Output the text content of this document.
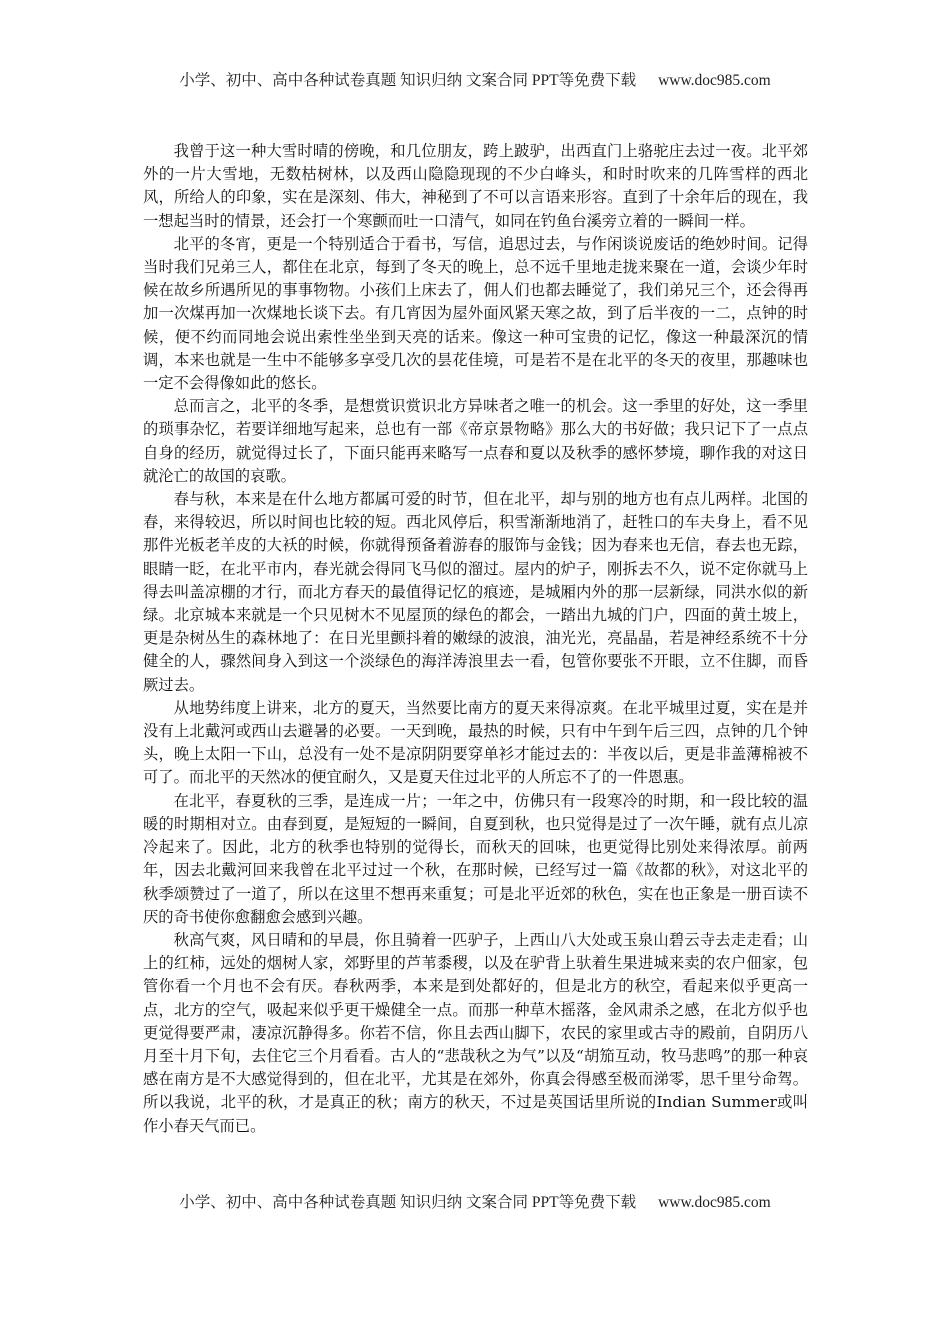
小学、初中、高中各种试卷真题 知识归纳 文案合同 PPT等免费下载 www.doc985.com

我曾于这一种大雪时晴的傍晚，和几位朋友，跨上跛驴，出西直门上骆驼庄去过一夜。北平郊外的一片大雪地，无数枯树林，以及西山隐隐现现的不少白峰头，和时时吹来的几阵雪样的西北风，所给人的印象，实在是深刻、伟大，神秘到了不可以言语来形容。直到了十余年后的现在，我一想起当时的情景，还会打一个寒颤而吐一口清气，如同在钓鱼台溪旁立着的一瞬间一样。

北平的冬宵，更是一个特别适合于看书，写信，追思过去，与作闲谈说废话的绝妙时间。记得当时我们兄弟三人，都住在北京，每到了冬天的晚上，总不远千里地走拢来聚在一道，会谈少年时候在故乡所遇所见的事事物物。小孩们上床去了，佣人们也都去睡觉了，我们弟兄三个，还会得再加一次煤再加一次煤地长谈下去。有几宵因为屋外面风紧天寒之故，到了后半夜的一二，点钟的时候，便不约而同地会说出索性坐坐到天亮的话来。像这一种可宝贵的记忆，像这一种最深沉的情调，本来也就是一生中不能够多享受几次的昙花佳境，可是若不是在北平的冬天的夜里，那趣味也一定不会得像如此的悠长。

总而言之，北平的冬季，是想赏识赏识北方异味者之唯一的机会。这一季里的好处，这一季里的琐事杂忆，若要详细地写起来，总也有一部《帝京景物略》那么大的书好做；我只记下了一点点自身的经历，就觉得过长了，下面只能再来略写一点春和夏以及秋季的感怀梦境，聊作我的对这日就沦亡的故国的哀歌。

春与秋，本来是在什么地方都属可爱的时节，但在北平，却与别的地方也有点儿两样。北国的春，来得较迟，所以时间也比较的短。西北风停后，积雪渐渐地消了，赶牲口的车夫身上，看不见那件光板老羊皮的大袄的时候，你就得预备着游春的服饰与金钱；因为春来也无信，春去也无踪，眼睛一眨，在北平市内，春光就会得同飞马似的溜过。屋内的炉子，刚拆去不久，说不定你就马上得去叫盖凉棚的才行，而北方春天的最值得记忆的痕迹，是城厢内外的那一层新绿，同洪水似的新绿。北京城本来就是一个只见树木不见屋顶的绿色的都会，一踏出九城的门户，四面的黄土坡上，更是杂树丛生的森林地了：在日光里颤抖着的嫩绿的波浪，油光光，亮晶晶，若是神经系统不十分健全的人，骤然间身入到这一个淡绿色的海洋涛浪里去一看，包管你要张不开眼，立不住脚，而昏厥过去。

从地势纬度上讲来，北方的夏天，当然要比南方的夏天来得凉爽。在北平城里过夏，实在是并没有上北戴河或西山去避暑的必要。一天到晚，最热的时候，只有中午到午后三四，点钟的几个钟头，晚上太阳一下山，总没有一处不是凉阴阴要穿单衫才能过去的：半夜以后，更是非盖薄棉被不可了。而北平的天然冰的便宜耐久，又是夏天住过北平的人所忘不了的一件恩惠。

在北平，春夏秋的三季，是连成一片；一年之中，仿佛只有一段寒冷的时期，和一段比较的温暖的时期相对立。由春到夏，是短短的一瞬间，自夏到秋，也只觉得是过了一次午睡，就有点儿凉冷起来了。因此，北方的秋季也特别的觉得长，而秋天的回味，也更觉得比别处来得浓厚。前两年，因去北戴河回来我曾在北平过过一个秋，在那时候，已经写过一篇《故都的秋》，对这北平的秋季颂赞过了一道了，所以在这里不想再来重复；可是北平近郊的秋色，实在也正象是一册百读不厌的奇书使你愈翻愈会感到兴趣。

秋高气爽，风日晴和的早晨，你且骑着一匹驴子，上西山八大处或玉泉山碧云寺去走走看；山上的红柿，远处的烟树人家，郊野里的芦苇黍稷，以及在驴背上驮着生果进城来卖的农户佃家，包管你看一个月也不会有厌。春秋两季，本来是到处都好的，但是北方的秋空，看起来似乎更高一点，北方的空气，吸起来似乎更干燥健全一点。而那一种草木摇落，金风肃杀之感，在北方似乎也更觉得要严肃，凄凉沉静得多。你若不信，你且去西山脚下，农民的家里或古寺的殿前，自阴历八月至十月下旬，去住它三个月看看。古人的“悲哉秋之为气”以及“胡笳互动，牧马悲鸣”的那一种哀感在南方是不大感觉得到的，但在北平，尤其是在郊外，你真会得感至极而涕零，思千里兮命驾。所以我说，北平的秋，才是真正的秋；南方的秋天，不过是英国话里所说的Indian Summer或叫作小春天气而已。

小学、初中、高中各种试卷真题 知识归纳 文案合同 PPT等免费下载 www.doc985.com
